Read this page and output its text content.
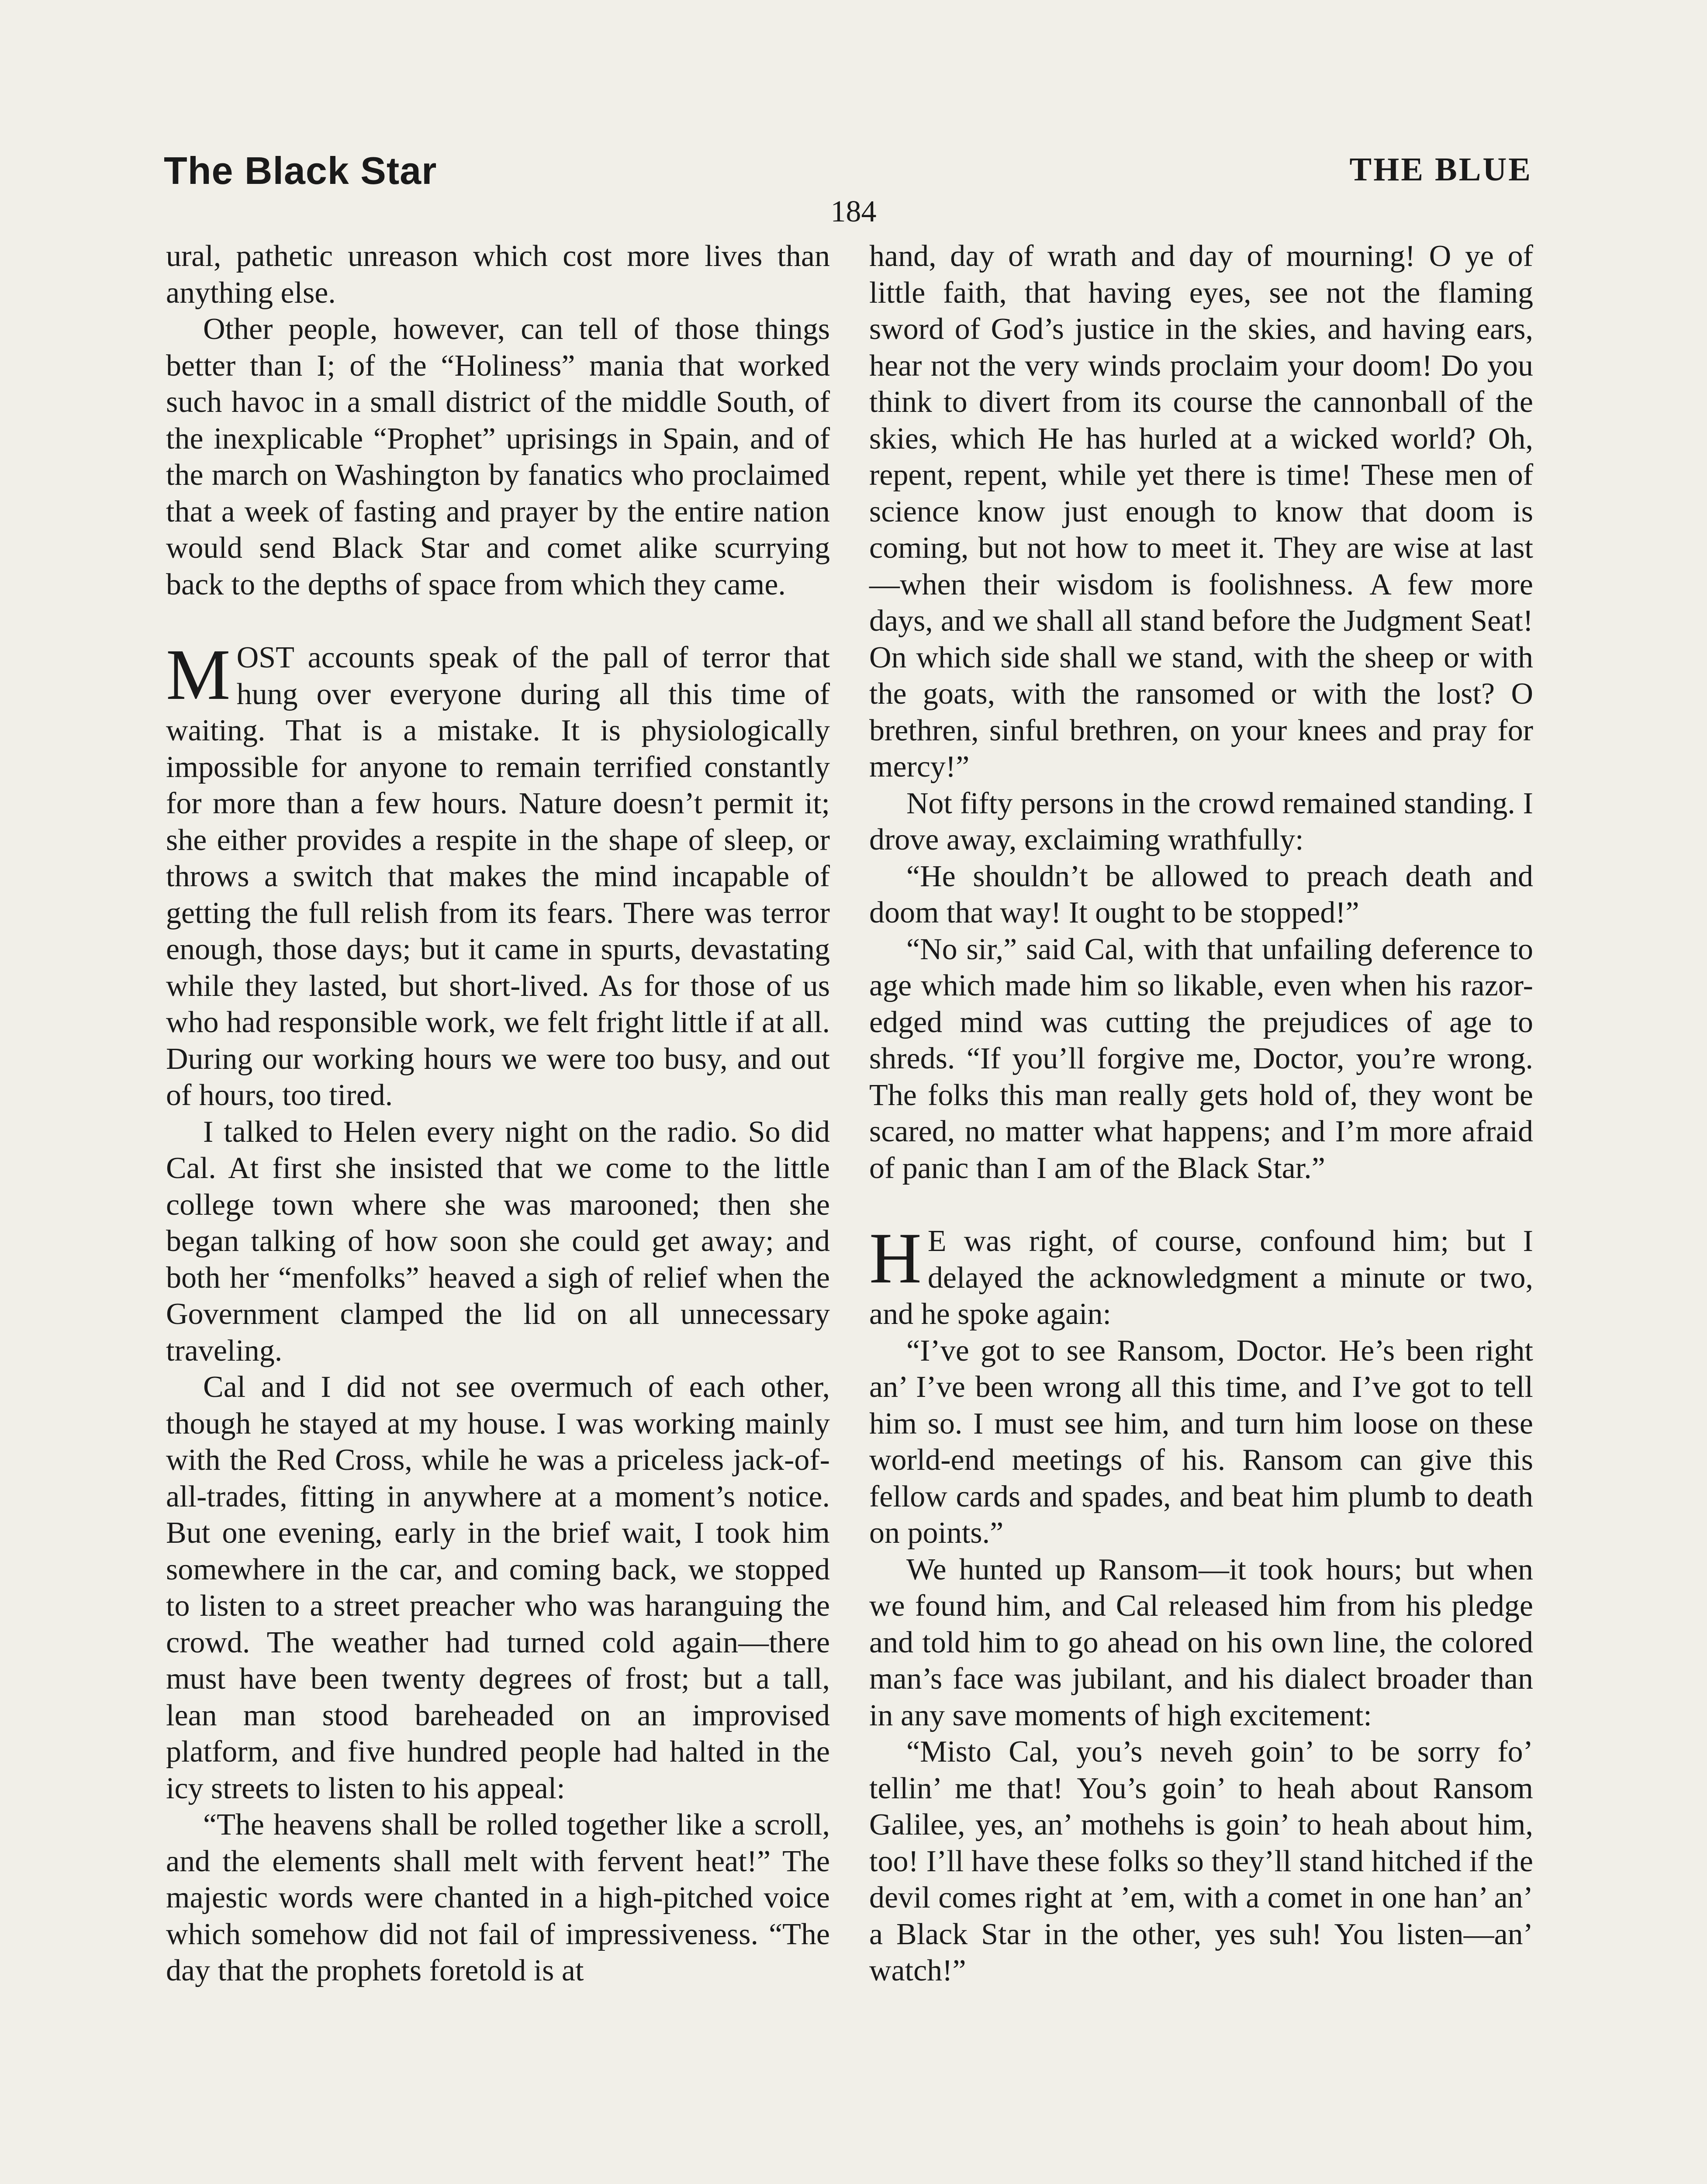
The Black Star	THE BLUE
184

ural, pathetic unreason which cost more lives than anything else.

Other people, however, can tell of those things better than I; of the “Holiness” mania that worked such havoc in a small district of the middle South, of the inexplicable “Prophet” uprisings in Spain, and of the march on Washington by fanatics who proclaimed that a week of fasting and prayer by the entire nation would send Black Star and comet alike scurrying back to the depths of space from which they came.

MOST accounts speak of the pall of terror that hung over everyone during all this time of waiting. That is a mistake. It is physiologically impossible for anyone to remain terrified constantly for more than a few hours. Nature doesn’t permit it; she either provides a respite in the shape of sleep, or throws a switch that makes the mind incapable of getting the full relish from its fears. There was terror enough, those days; but it came in spurts, devastating while they lasted, but short-lived. As for those of us who had responsible work, we felt fright little if at all. During our working hours we were too busy, and out of hours, too tired.

I talked to Helen every night on the radio. So did Cal. At first she insisted that we come to the little college town where she was marooned; then she began talking of how soon she could get away; and both her “menfolks” heaved a sigh of relief when the Government clamped the lid on all unnecessary traveling.

Cal and I did not see overmuch of each other, though he stayed at my house. I was working mainly with the Red Cross, while he was a priceless jack-of-all-trades, fitting in anywhere at a moment’s notice. But one evening, early in the brief wait, I took him somewhere in the car, and coming back, we stopped to listen to a street preacher who was haranguing the crowd. The weather had turned cold again—there must have been twenty degrees of frost; but a tall, lean man stood bareheaded on an improvised platform, and five hundred people had halted in the icy streets to listen to his appeal:

“The heavens shall be rolled together like a scroll, and the elements shall melt with fervent heat!” The majestic words were chanted in a high-pitched voice which somehow did not fail of impressiveness. “The day that the prophets foretold is at

hand, day of wrath and day of mourning! O ye of little faith, that having eyes, see not the flaming sword of God’s justice in the skies, and having ears, hear not the very winds proclaim your doom! Do you think to divert from its course the cannonball of the skies, which He has hurled at a wicked world? Oh, repent, repent, while yet there is time! These men of science know just enough to know that doom is coming, but not how to meet it. They are wise at last—when their wisdom is foolishness. A few more days, and we shall all stand before the Judgment Seat! On which side shall we stand, with the sheep or with the goats, with the ransomed or with the lost? O brethren, sinful brethren, on your knees and pray for mercy!”

Not fifty persons in the crowd remained standing. I drove away, exclaiming wrathfully:

“He shouldn’t be allowed to preach death and doom that way! It ought to be stopped!”

“No sir,” said Cal, with that unfailing deference to age which made him so likable, even when his razor-edged mind was cutting the prejudices of age to shreds. “If you’ll forgive me, Doctor, you’re wrong. The folks this man really gets hold of, they wont be scared, no matter what happens; and I’m more afraid of panic than I am of the Black Star.”

H E was right, of course, confound him; but I delayed the acknowledgment a minute or two, and he spoke again:

“I’ve got to see Ransom, Doctor. He’s been right an’ I’ve been wrong all this time, and I’ve got to tell him so. I must see him, and turn him loose on these world-end meetings of his. Ransom can give this fellow cards and spades, and beat him plumb to death on points.”

We hunted up Ransom—it took hours; but when we found him, and Cal released him from his pledge and told him to go ahead on his own line, the colored man’s face was jubilant, and his dialect broader than in any save moments of high excitement:

“Misto Cal, you’s neveh goin’ to be sorry fo’ tellin’ me that! You’s goin’ to heah about Ransom Galilee, yes, an’ mothehs is goin’ to heah about him, too! I’ll have these folks so they’ll stand hitched if the devil comes right at ’em, with a comet in one han’ an’ a Black Star in the other, yes suh! You listen—an’ watch!”
